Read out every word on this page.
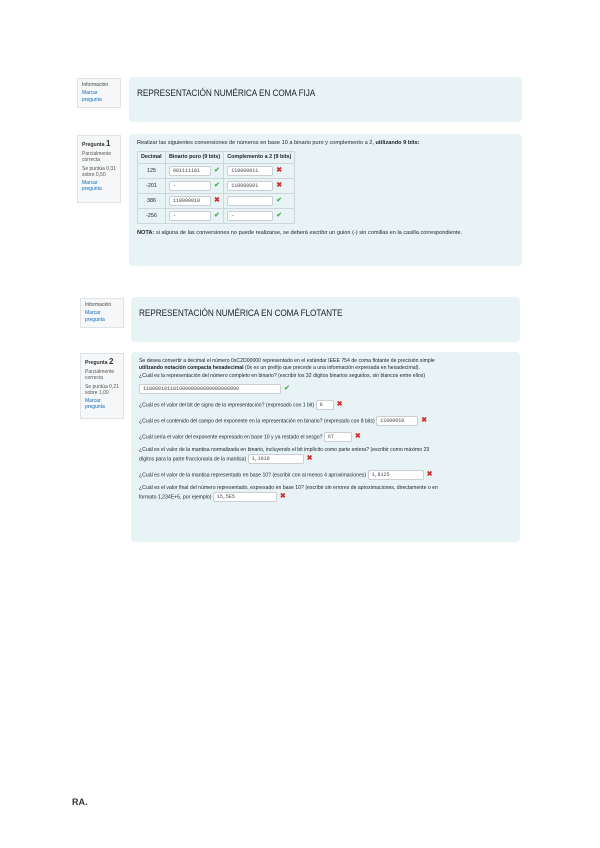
Información
Marcar pregunta
REPRESENTACIÓN NUMÉRICA EN COMA FIJA
Pregunta 1
Parcialmente correcta
Se puntúa 0,31 sobre 0,50
Marcar pregunta
Realizar las siguientes conversiones de números en base 10 a binario puro y complemento a 2, utilizando 9 bits:
Decimal	Binario puro (9 bits)	Complemento a 2 (9 bits)
125	001111101 ✔	110000011 ✖
-201	- ✔	110000001 ✖
386	110000010 ✖	✔
-256	- ✔	- ✔
NOTA: si alguna de las conversiones no puede realizarse, se deberá escribir un guion (-) sin comillas en la casilla correspondiente.
Información
Marcar pregunta
REPRESENTACIÓN NUMÉRICA EN COMA FLOTANTE
Pregunta 2
Parcialmente correcta
Se puntúa 0,21 sobre 1,00
Marcar pregunta
Se desea convertir a decimal el número 0xC2D00000 representado en el estándar IEEE 754 de coma flotante de precisión simple
utilizando notación compacta hexadecimal (0x es un prefijo que precede a una información expresada en hexadecimal).
¿Cuál es la representación del número completo en binario? (escribir los 32 dígitos binarios seguidos, sin blancos entre ellos)
11000010110100000000000000000000	✔
¿Cuál es el valor del bit de signo de la representación? (expresado con 1 bit) 0 ✖
¿Cuál es el contenido del campo del exponente en la representación en binario? (expresado con 8 bits) 11000010 ✖
¿Cuál sería el valor del exponente expresado en base 10 y ya restado el sesgo? 67	✖
¿Cuál es el valor de la mantisa normalizada en binario, incluyendo el bit implícito como parte entera? (escribir como máximo 23
dígitos para la parte fraccionaria de la mantisa) 1,1010	✖
¿Cuál es el valor de la mantisa representado en base 10? (escribir con al menos 4 aproximaciones) 1,8125	✖
¿Cuál es el valor final del número representado, expresado en base 10? (escribir sin errores de aproximaciones, directamente o en
formato 1,234E+5, por ejemplo) 15,5E5	✖
RA.
